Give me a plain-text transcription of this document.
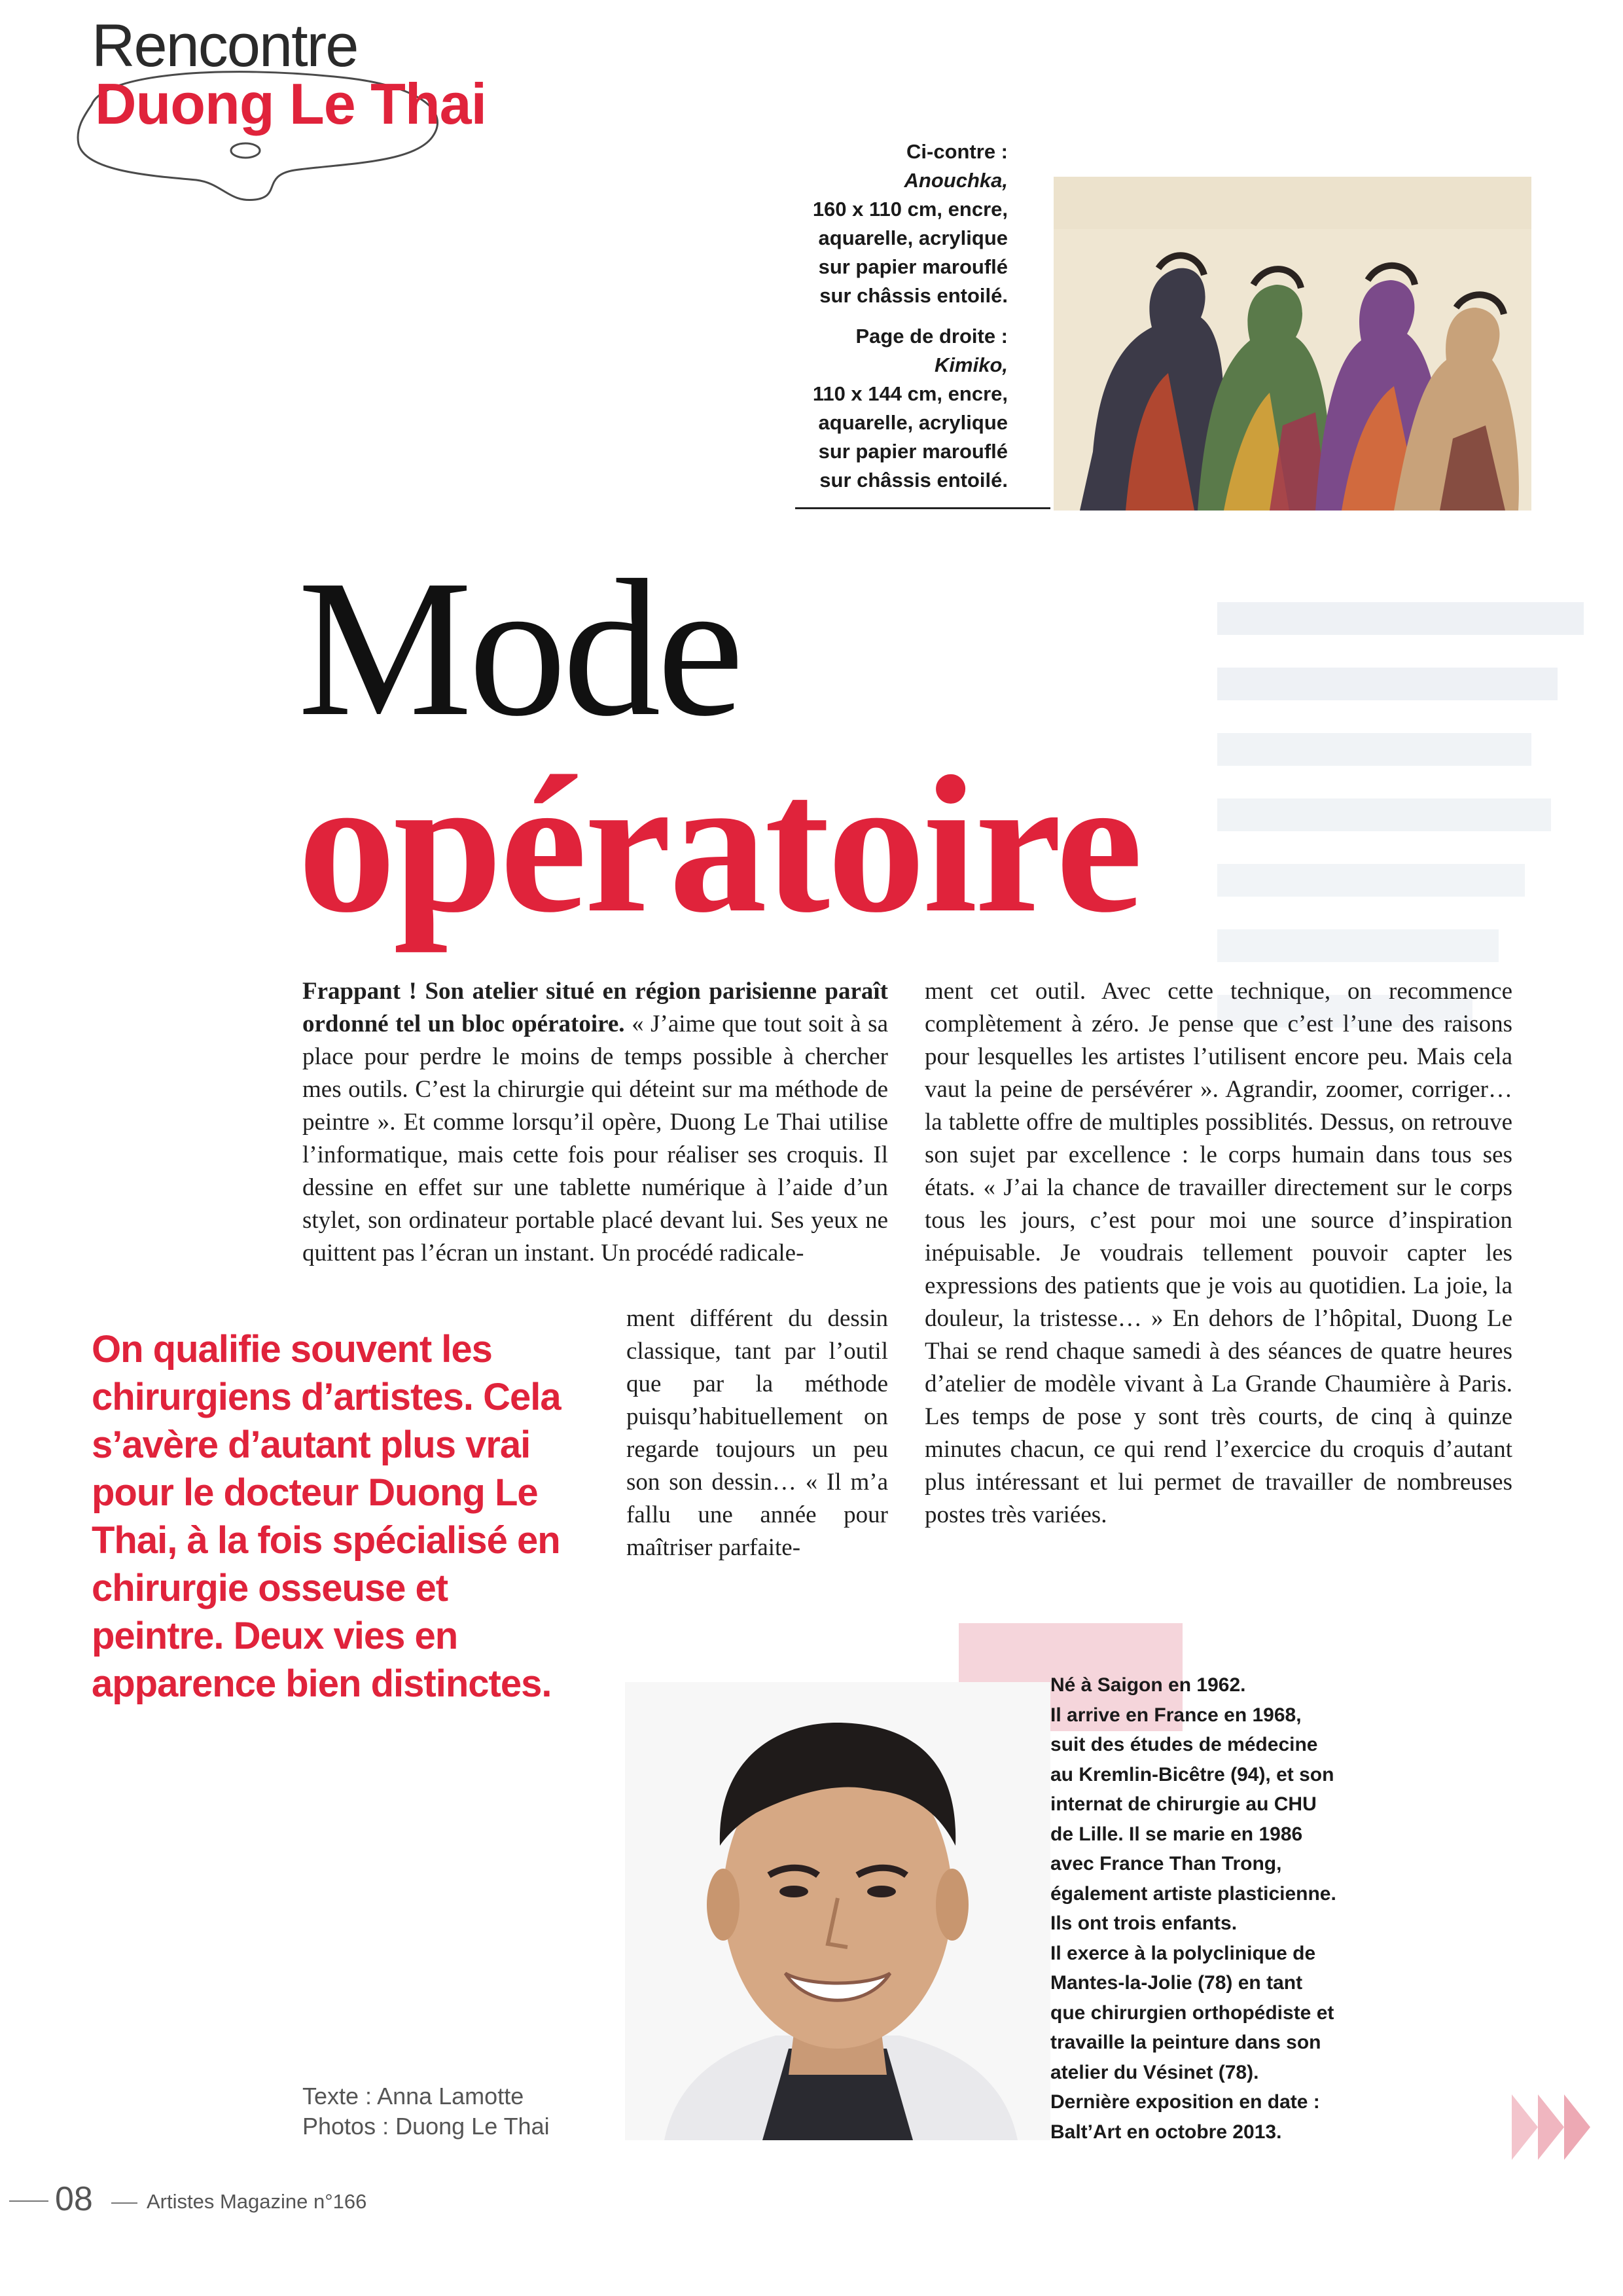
Rencontre
Duong Le Thai
Ci-contre :
Anouchka,
160 x 110 cm, encre,
aquarelle, acrylique
sur papier marouflé
sur châssis entoilé.
Page de droite :
Kimiko,
110 x 144 cm, encre,
aquarelle, acrylique
sur papier marouflé
sur châssis entoilé.
Mode
opératoire
Frappant ! Son atelier situé en région parisienne paraît ordonné tel un bloc opératoire. « J’aime que tout soit à sa place pour perdre le moins de temps possible à chercher mes outils. C’est la chirurgie qui déteint sur ma méthode de peintre ». Et comme lorsqu’il opère, Duong Le Thai utilise l’informatique, mais cette fois pour réaliser ses croquis. Il dessine en effet sur une tablette numérique à l’aide d’un stylet, son ordinateur portable placé devant lui. Ses yeux ne quittent pas l’écran un instant. Un procédé radicale-
ment différent du dessin classique, tant par l’outil que par la méthode puisqu’habituellement on regarde toujours un peu son son dessin… « Il m’a fallu une année pour maîtriser parfaite-
ment cet outil. Avec cette technique, on recommence complètement à zéro. Je pense que c’est l’une des raisons pour lesquelles les artistes l’utilisent encore peu. Mais cela vaut la peine de persévérer ». Agrandir, zoomer, corriger… la tablette offre de multiples possiblités. Dessus, on retrouve son sujet par excellence : le corps humain dans tous ses états. « J’ai la chance de travailler directement sur le corps tous les jours, c’est pour moi une source d’inspiration inépuisable. Je voudrais tellement pouvoir capter les expressions des patients que je vois au quotidien. La joie, la douleur, la tristesse… » En dehors de l’hôpital, Duong Le Thai se rend chaque samedi à des séances de quatre heures d’atelier de modèle vivant à La Grande Chaumière à Paris. Les temps de pose y sont très courts, de cinq à quinze minutes chacun, ce qui rend l’exercice du croquis d’autant plus intéressant et lui permet de travailler de nombreuses postes très variées.
On qualifie souvent les chirurgiens d’artistes. Cela s’avère d’autant plus vrai pour le docteur Duong Le Thai, à la fois spécialisé en chirurgie osseuse et peintre. Deux vies en apparence bien distinctes.	Né à Saigon en 1962.
Il arrive en France en 1968,
suit des études de médecine
au Kremlin-Bicêtre (94), et son
internat de chirurgie au CHU
de Lille. Il se marie en 1986
avec France Than Trong,
également artiste plasticienne.
Ils ont trois enfants.
Il exerce à la polyclinique de
Mantes-la-Jolie (78) en tant
que chirurgien orthopédiste et
travaille la peinture dans son
atelier du Vésinet (78).
Dernière exposition en date :
Balt’Art en octobre 2013.
Texte : Anna Lamotte
Photos : Duong Le Thai
08	Artistes Magazine n°166
